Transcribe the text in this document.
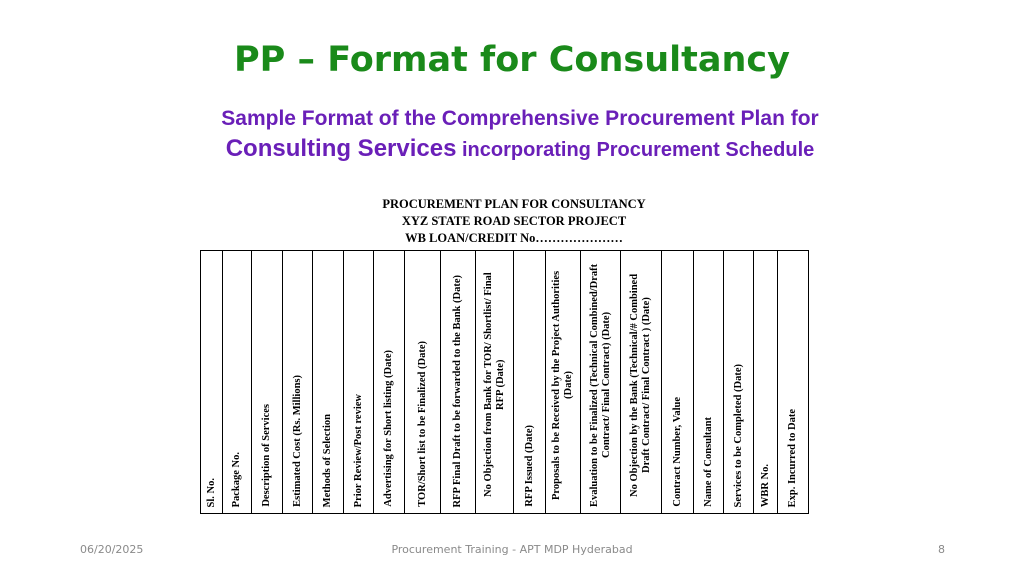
PP – Format for Consultancy
Sample Format of the Comprehensive Procurement Plan for
Consulting Services incorporating Procurement Schedule
PROCUREMENT PLAN FOR CONSULTANCY
XYZ STATE ROAD SECTOR PROJECT
WB LOAN/CREDIT No…………………
Sl. No. Package No. Description of Services Estimated Cost (Rs. Millions) Methods of Selection Prior Review/Post review Advertising for Short listing (Date) TOR/Short list to be Finalized (Date) RFP Final Draft to be forwarded to the Bank (Date) No Objection from Bank for TOR/ Shortlist/ Final RFP (Date)
RFP Issued (Date) Proposals to be Received by the Project Authorities (Date) Evaluation to be Finalized (Technical Combined/Draft Contract/ Final Contract) (Date) No Objection by the Bank (Technical/# Combined Draft Contract/ Final Contract ) (Date) Contract Number, Value Name of Consultant Services to be Completed (Date) WBR No. Exp. Incurred to Date
06/20/2025	Procurement Training - APT MDP Hyderabad	8
